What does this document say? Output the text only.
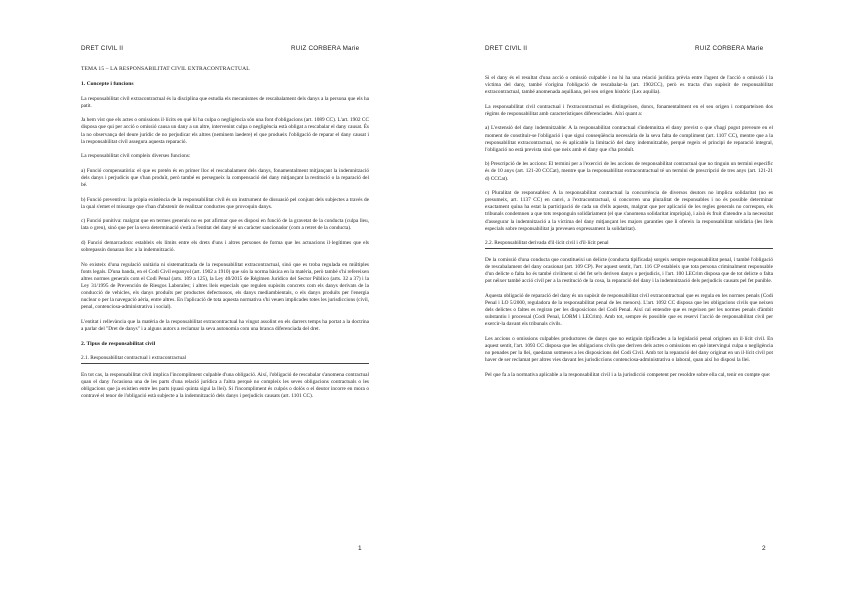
DRET CIVIL II	RUIZ CORBERA Marie
TEMA 15 – LA RESPONSABILITAT CIVIL EXTRACONTRACTUAL
1. Concepte i funcions

La responsabilitat civil extracontractual és la disciplina que estudia els mecanismes de rescabalament dels danys a la persona que els ha patit.

Ja hem vist que els actes o omissions il·lícits en què hi ha culpa o negligència són una font d'obligacions (art. 1089 CC). L'art. 1902 CC disposa que qui per acció o omissió causa un dany a un altre, intervenint culpa o negligència està obligat a rescabalar el dany causat. És la no observança del deure jurídic de no perjudicar els altres (neminem laedere) el que produeix l'obligació de reparar el dany causat i la responsabilitat civil assegura aquesta reparació.

La responsabilitat civil compleix diverses funcions:

a) Funció compensatòria: el que es pretén és en primer lloc el rescabalament dels danys, fonamentalment mitjançant la indemnització dels danys i perjudicis que s'han produït, però també es persegueix la compensació del dany mitjançant la restitució o la reparació del bé.

b) Funció preventiva: la pròpia existència de la responsabilitat civil és un instrument de dissuasió pel conjunt dels subjectes a través de la qual s'emet el missatge que s'han d'abstenir de realitzar conductes que provoquin danys.

c) Funció punitiva: malgrat que en termes generals no es pot afirmar que es disposi en funció de la gravetat de la conducta (culpa lleu, lata o greu), sinó que per la seva determinació s'està a l'entitat del dany té un caràcter sancionador (com a retret de la conducta).

d) Funció demarcadora: estableix els límits entre els drets d'uns i altres persones de forma que les actuacions il·legítimes que els sobrepassin donaran lloc a la indemnització.

No existeix d'una regulació unitària ni sistematitzada de la responsabilitat extracontractual, sinó que es troba regulada en múltiples fonts legals. D'una banda, en el Codi Civil espanyol (art. 1902 a 1910) que són la norma bàsica en la matèria, però també s'hi refereixen altres normes generals com el Codi Penal (arts. 109 a 125), la Ley 40/2015 de Régimen Jurídico del Sector Público (arts. 32 a 37) i la Ley 31/1995 de Prevención de Riesgos Laborales; i altres lleis especials que regulen supòsits concrets com els danys derivats de la conducció de vehicles, els danys produïts per productes defectuosos, els danys mediambientals, o els danys produïts per l'energia nuclear o per la navegació aèria, entre altres. En l'aplicació de tota aquesta normativa s'hi veuen implicades totes les jurisdiccions (civil, penal, contenciosa-administrativa i social).

L'entitat i rellevància que la matèria de la responsabilitat extracontractual ha vingut assolint en els darrers temps ha portat a la doctrina a parlar del "Dret de danys" i a alguns autors a reclamar la seva autonomia com una branca diferenciada del dret.

2. Tipus de responsabilitat civil

2.1. Responsabilitat contractual i extracontractual

En tot cas, la responsabilitat civil implica l'incompliment culpable d'una obligació. Així, l'obligació de rescabalar s'anomena contractual quan el dany l'ocasiona una de les parts d'una relació jurídica a l'altra perquè no compleix les seves obligacions contractuals o les obligacions que ja existien entre les parts (quasi quinta sigui la llei). Si l'incompliment és culpós o dolós o el deutor incorre en mora o contravé el tenor de l'obligació està subjecte a la indemnització dels danys i perjudicis causats (art. 1101 CC).

1
DRET CIVIL II	RUIZ CORBERA Marie

Si el dany és el resultat d'una acció o omissió culpable i no hi ha una relació jurídica prèvia entre l'agent de l'acció o omissió i la víctima del dany, també s'origina l'obligació de rescabalar-la (art. 1902CC), però es tracta d'un supòsit de responsabilitat extracontractual, també anomenada aquiliana, pel seu origen històric (Lex aquilia).

La responsabilitat civil contractual i l'extracontractual es distingeixen, doncs, fonamentalment en el seu origen i comparteixen dos règims de responsabilitat amb característiques diferenciades. Així quant a:

a) L'extensió del dany indemnitzable: A la responsabilitat contractual s'indemnitza el dany previst o que s'hagi pogut preveure en el moment de constituir-se l'obligació i que sigui conseqüència necessària de la seva falta de compliment (art. 1107 CC), mentre que a la responsabilitat extracontractual, no és aplicable la limitació del dany indemnitzable, perquè regeix el principi de reparació integral, l'obligació no està prevista sinó que neix amb el dany que s'ha produït.

b) Prescripció de les accions: El termini per a l'exercici de les accions de responsabilitat contractual que no tinguin un termini específic és de 10 anys (art. 121-20 CCCat), mentre que la responsabilitat extracontractual té un termini de prescripció de tres anys (art. 121-21 d) CCCat).

c) Pluralitat de responsables: A la responsabilitat contractual la concurrència de diversos deutors no implica solidaritat (no es presumeix, art. 1137 CC) en canvi, a l'extracontractual, si concorren una pluralitat de responsables i no és possible determinar exactament quina ha estat la participació de cada un d'ells aquests, malgrat que per aplicació de les regles generals no correspon, els tribunals condemnen a que tots responguin solidàriament (el que s'anomena solidaritat impròpia), i això és fruit d'atendre a la necessitat d'assegurar la indemnització a la víctima del dany mitjançant les majors garanties que li ofereix la responsabilitat solidària (les lleis especials sobre responsabilitat ja preveuen expressament la solidaritat).

2.2. Responsabilitat derivada d'il·lícit civil i d'il·lícit penal

De la comissió d'una conducta que constitueixi un delicte (conducta tipificada) sorgeix sempre responsabilitat penal, i també l'obligació de rescabalament del dany ocasionat (art. 109 CP). Per aquest sentit, l'art. 116 CP estableix que tota persona criminalment responsable d'un delicte o falta ho és també civilment si del fet se'n deriven danys o perjudicis, i l'art. 100 LECrim disposa que de tot delicte o falta pot néixer també acció civil per a la restitució de la cosa, la reparació del dany i la indemnització dels perjudicis causats pel fet punible.

Aquesta obligació de reparació del dany és un supòsit de responsabilitat civil extracontractual que es regula en les normes penals (Codi Penal i LO 5/2000, reguladora de la responsabilitat penal de les menors). L'art. 1092 CC disposa que les obligacions civils que neixen dels delictes o faltes es regiran per les disposicions del Codi Penal. Així cal entendre que es regeixen per les normes penals d'àmbit substantiu i processal (Codi Penal, LORM i LECrim). Amb tot, sempre és possible que es reservi l'acció de responsabilitat civil per exercir-la davant els tribunals civils.

Les accions o omissions culpables productores de danys que no estiguin tipificades a la legislació penal originen un il·lícit civil. En aquest sentit, l'art. 1093 CC disposa que les obligacions civils que deriven dels actes o omissions en què intervingui culpa o negligència no penades per la llei, quedaran sotmeses a les disposicions del Codi Civil. Amb tot la reparació del dany originat en un il·lícit civil pot haver de ser reclamat per altres vies davant les jurisdiccions contenciosa-administrativa o laboral, quan així ho disposi la llei.

Pel que fa a la normativa aplicable a la responsabilitat civil i a la jurisdicció competent per resoldre sobre ella cal, tenir en compte que:

2
